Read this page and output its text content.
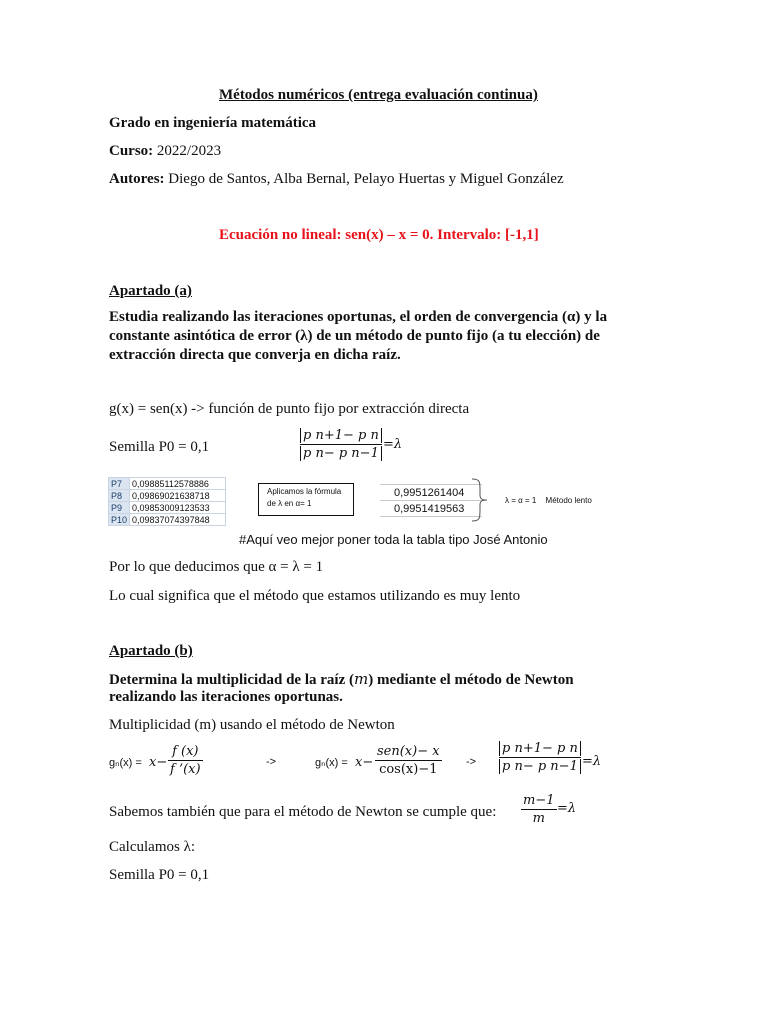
Métodos numéricos (entrega evaluación continua)
Grado en ingeniería matemática
Curso: 2022/2023
Autores: Diego de Santos, Alba Bernal, Pelayo Huertas y Miguel González
Ecuación no lineal: sen(x) – x = 0. Intervalo: [-1,1]
Apartado (a)
Estudia realizando las iteraciones oportunas, el orden de convergencia (α) y la
constante asintótica de error (λ) de un método de punto fijo (a tu elección) de
extracción directa que converja en dicha raíz.
g(x) = sen(x) -> función de punto fijo por extracción directa
Semilla P0 = 0,1
p n+1− p n
p n− p n−1
=λ
P7	0,09885112578886
P8	0,09869021638718
P9	0,09853009123533
P10	0,09837074397848
Aplicamos la fórmula
de λ en α= 1
0,9951261404
0,9951419563
λ = α = 1 Método lento
#Aquí veo mejor poner toda la tabla tipo José Antonio
Por lo que deducimos que α = λ = 1
Lo cual significa que el método que estamos utilizando es muy lento
Apartado (b)
Determina la multiplicidad de la raíz (m) mediante el método de Newton
realizando las iteraciones oportunas.
Multiplicidad (m) usando el método de Newton
gₙ(x) = x−
f (x)
f ’(x)	->	gₙ(x) = x−
sen(x)− x
cos(x)−1	->
p n+1− p n
p n− p n−1 =λ
Sabemos también que para el método de Newton se cumple que:
m−1
m
=λ
Calculamos λ:
Semilla P0 = 0,1
